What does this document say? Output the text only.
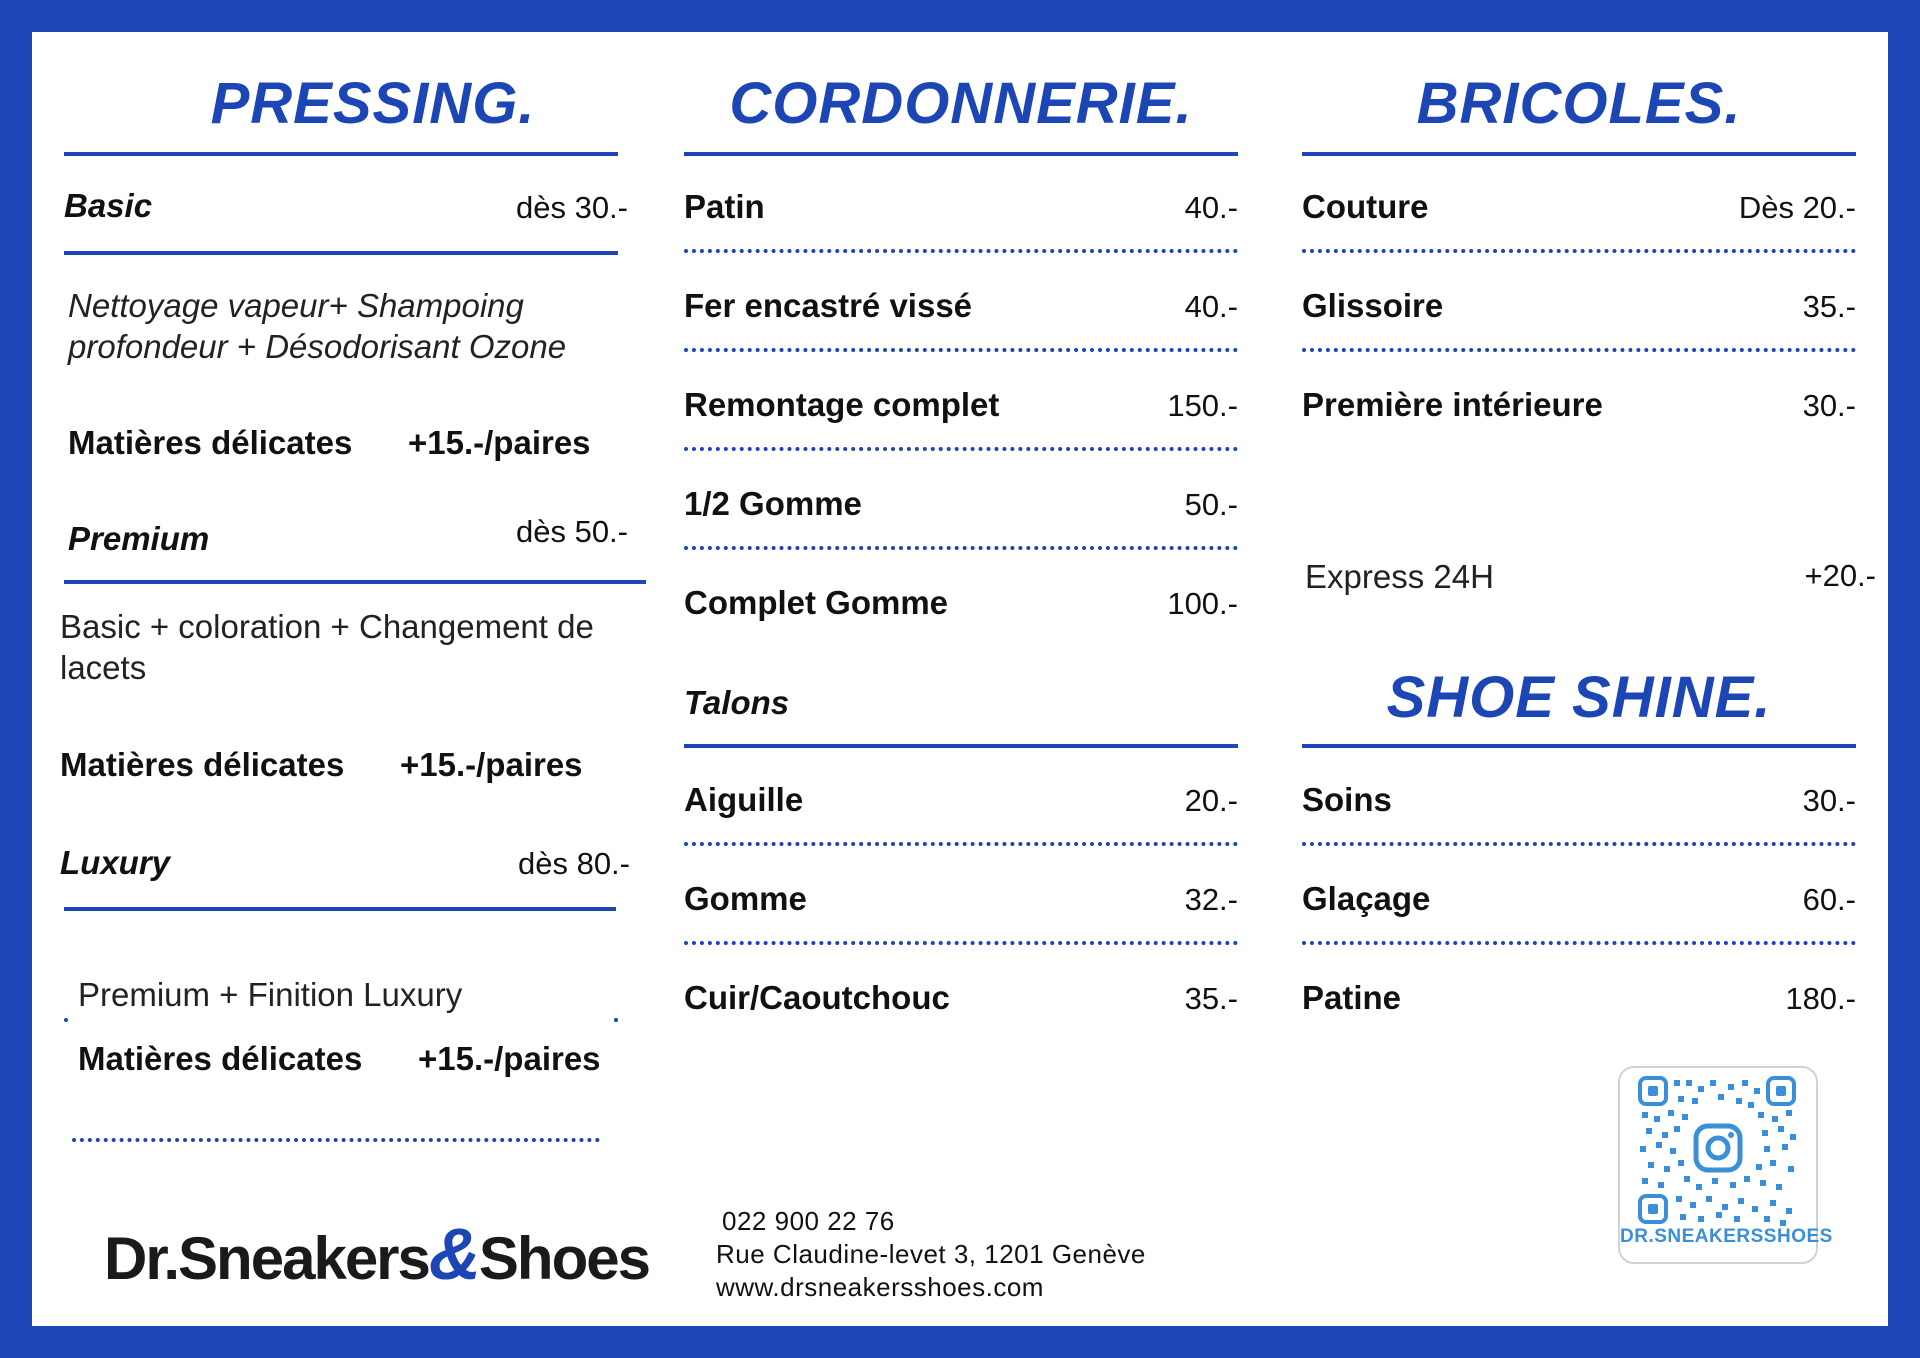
PRESSING.
Basic	dès 30.-
Nettoyage vapeur+ Shampoing profondeur + Désodorisant Ozone
Matières délicates +15.-/paires
Premium	dès 50.-
Basic + coloration + Changement de lacets
Matières délicates +15.-/paires
Luxury	dès 80.-
Premium + Finition Luxury
Matières délicates +15.-/paires
CORDONNERIE.
Patin	40.-
Fer encastré vissé	40.-
Remontage complet	150.-
1/2 Gomme	50.-
Complet Gomme	100.-
Talons
Aiguille	20.-
Gomme	32.-
Cuir/Caoutchouc	35.-
BRICOLES.
Couture	Dès 20.-
Glissoire	35.-
Première intérieure	30.-
Express 24H	+20.-
SHOE SHINE.
Soins	30.-
Glaçage	60.-
Patine	180.-
Dr.Sneakers&Shoes
022 900 22 76
Rue Claudine-levet 3, 1201 Genève
www.drsneakersshoes.com
DR.SNEAKERSSHOES
